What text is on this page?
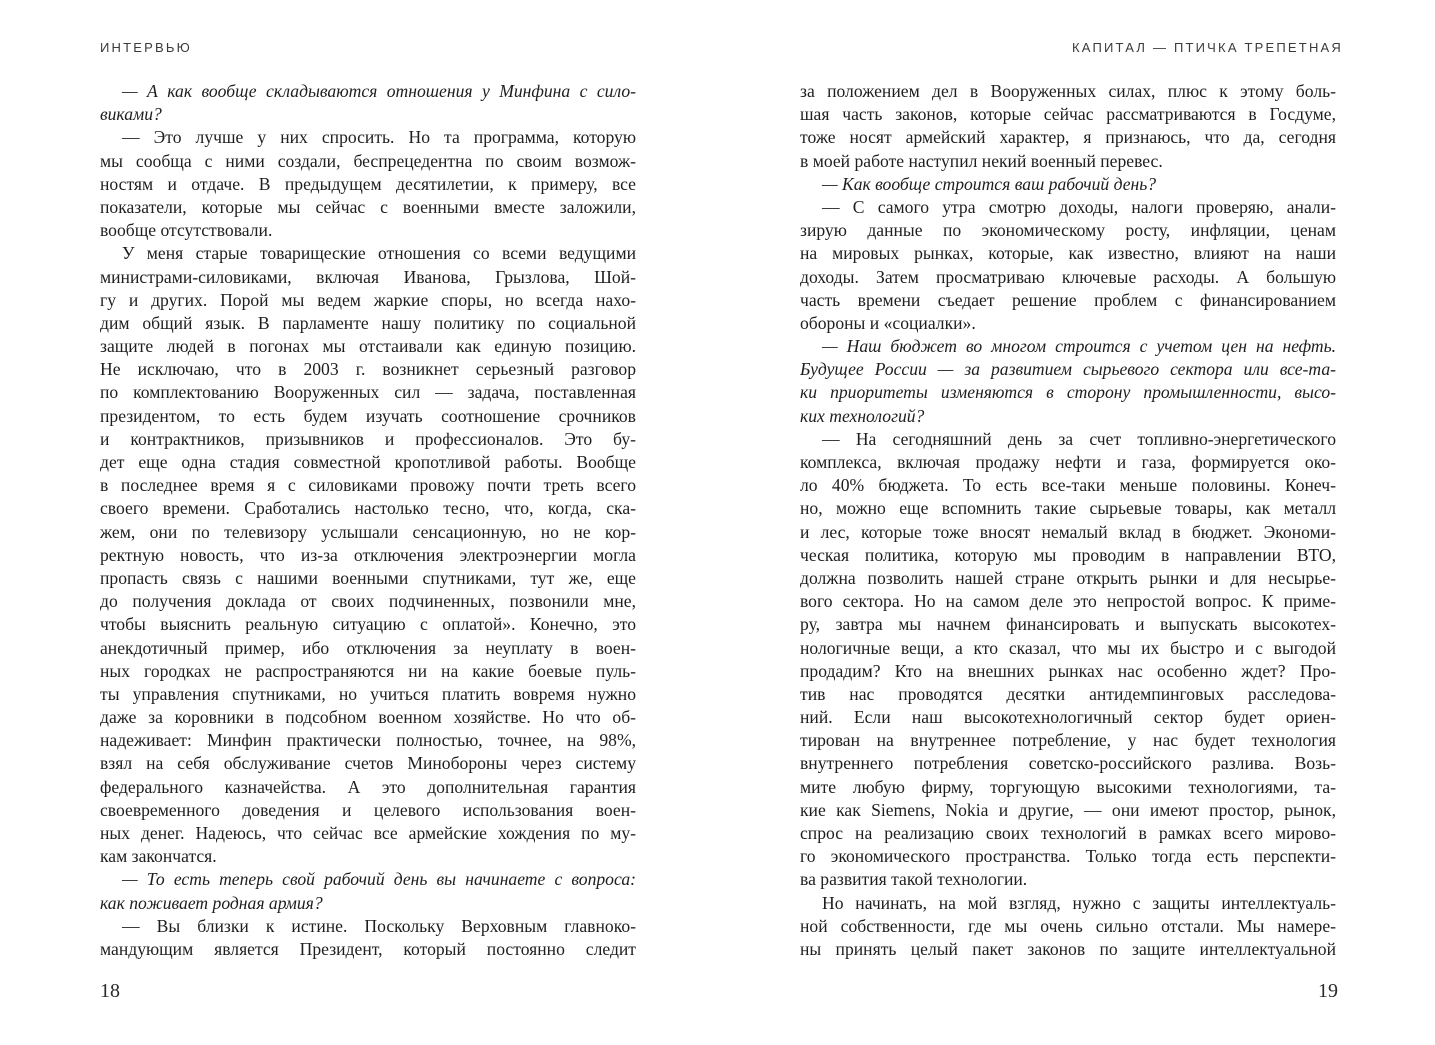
ИНТЕРВЬЮ
— А как вообще складываются отношения у Минфина с сило-
виками?
— Это лучше у них спросить. Но та программа, которую
мы сообща с ними создали, беспрецедентна по своим возмож-
ностям и отдаче. В предыдущем десятилетии, к примеру, все
показатели, которые мы сейчас с военными вместе заложили,
вообще отсутствовали.
У меня старые товарищеские отношения со всеми ведущими
министрами-силовиками, включая Иванова, Грызлова, Шой-
гу и других. Порой мы ведем жаркие споры, но всегда нахо-
дим общий язык. В парламенте нашу политику по социальной
защите людей в погонах мы отстаивали как единую позицию.
Не исключаю, что в 2003 г. возникнет серьезный разговор
по комплектованию Вооруженных сил — задача, поставленная
президентом, то есть будем изучать соотношение срочников
и контрактников, призывников и профессионалов. Это бу-
дет еще одна стадия совместной кропотливой работы. Вообще
в последнее время я с силовиками провожу почти треть всего
своего времени. Сработались настолько тесно, что, когда, ска-
жем, они по телевизору услышали сенсационную, но не кор-
ректную новость, что из-за отключения электроэнергии могла
пропасть связь с нашими военными спутниками, тут же, еще
до получения доклада от своих подчиненных, позвонили мне,
чтобы выяснить реальную ситуацию с оплатой». Конечно, это
анекдотичный пример, ибо отключения за неуплату в воен-
ных городках не распространяются ни на какие боевые пуль-
ты управления спутниками, но учиться платить вовремя нужно
даже за коровники в подсобном военном хозяйстве. Но что об-
надеживает: Минфин практически полностью, точнее, на 98%,
взял на себя обслуживание счетов Минобороны через систему
федерального казначейства. А это дополнительная гарантия
своевременного доведения и целевого использования воен-
ных денег. Надеюсь, что сейчас все армейские хождения по му-
кам закончатся.
— То есть теперь свой рабочий день вы начинаете с вопроса:
как поживает родная армия?
— Вы близки к истине. Поскольку Верховным главноко-
мандующим является Президент, который постоянно следит
18
КАПИТАЛ — ПТИЧКА ТРЕПЕТНАЯ
за положением дел в Вооруженных силах, плюс к этому боль-
шая часть законов, которые сейчас рассматриваются в Госдуме,
тоже носят армейский характер, я признаюсь, что да, сегодня
в моей работе наступил некий военный перевес.
— Как вообще строится ваш рабочий день?
— С самого утра смотрю доходы, налоги проверяю, анали-
зирую данные по экономическому росту, инфляции, ценам
на мировых рынках, которые, как известно, влияют на наши
доходы. Затем просматриваю ключевые расходы. А большую
часть времени съедает решение проблем с финансированием
обороны и «социалки».
— Наш бюджет во многом строится с учетом цен на нефть.
Будущее России — за развитием сырьевого сектора или все-та-
ки приоритеты изменяются в сторону промышленности, высо-
ких технологий?
— На сегодняшний день за счет топливно-энергетического
комплекса, включая продажу нефти и газа, формируется око-
ло 40% бюджета. То есть все-таки меньше половины. Конеч-
но, можно еще вспомнить такие сырьевые товары, как металл
и лес, которые тоже вносят немалый вклад в бюджет. Экономи-
ческая политика, которую мы проводим в направлении ВТО,
должна позволить нашей стране открыть рынки и для несырье-
вого сектора. Но на самом деле это непростой вопрос. К приме-
ру, завтра мы начнем финансировать и выпускать высокотех-
нологичные вещи, а кто сказал, что мы их быстро и с выгодой
продадим? Кто на внешних рынках нас особенно ждет? Про-
тив нас проводятся десятки антидемпинговых расследова-
ний. Если наш высокотехнологичный сектор будет ориен-
тирован на внутреннее потребление, у нас будет технология
внутреннего потребления советско-российского разлива. Возь-
мите любую фирму, торгующую высокими технологиями, та-
кие как Siemens, Nokia и другие, — они имеют простор, рынок,
спрос на реализацию своих технологий в рамках всего мирово-
го экономического пространства. Только тогда есть перспекти-
ва развития такой технологии.
Но начинать, на мой взгляд, нужно с защиты интеллектуаль-
ной собственности, где мы очень сильно отстали. Мы намере-
ны принять целый пакет законов по защите интеллектуальной
19
